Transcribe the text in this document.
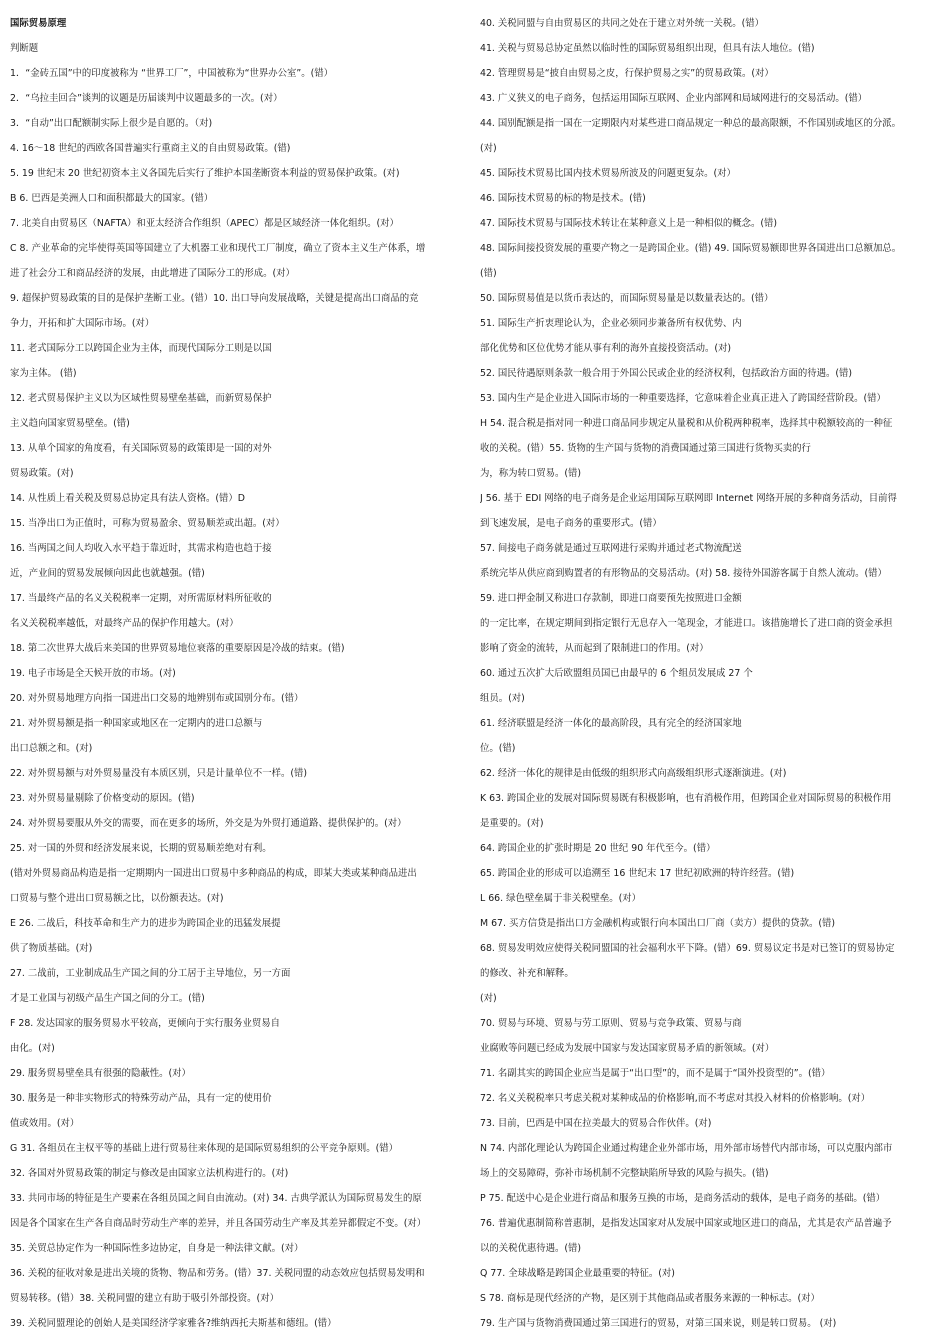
国际贸易原理
判断题
1．“金砖五国”中的印度被称为 “世界工厂”，中国被称为“世界办公室”。(错）
2．“乌拉圭回合”谈判的议题是历届谈判中议题最多的一次。(对）
3．“自动”出口配额制实际上很少是自愿的。（对)
4. 16～18 世纪的西欧各国普遍实行重商主义的自由贸易政策。(错)
5. 19 世纪末 20 世纪初资本主义各国先后实行了维护本国垄断资本利益的贸易保护政策。(对)
B 6. 巴西是美洲人口和面积都最大的国家。(错）
7. 北美自由贸易区（NAFTA）和亚太经济合作组织（APEC）都是区域经济一体化组织。(对）
C 8. 产业革命的完毕使得英国等国建立了大机器工业和现代工厂制度，确立了资本主义生产体系，增
进了社会分工和商品经济的发展，由此增进了国际分工的形成。(对）
9. 超保护贸易政策的目的是保护垄断工业。(错）10. 出口导向发展战略，关键是提高出口商品的竞
争力，开拓和扩大国际市场。(对）
11. 老式国际分工以跨国企业为主体，而现代国际分工则是以国
家为主体。 (错)
12. 老式贸易保护主义以为区域性贸易壁垒基础，而新贸易保护
主义趋向国家贸易壁垒。(错)
13. 从单个国家的角度看，有关国际贸易的政策即是一国的对外
贸易政策。(对)
14. 从性质上看关税及贸易总协定具有法人资格。(错）D
15. 当净出口为正值时，可称为贸易盈余、贸易顺差或出超。(对）
16. 当两国之间人均收入水平趋于靠近时，其需求构造也趋于接
近，产业间的贸易发展倾向因此也就越强。(错)
17. 当最终产品的名义关税税率一定期，对所需原材料所征收的
名义关税税率越低，对最终产品的保护作用越大。(对）
18. 第二次世界大战后来美国的世界贸易地位衰落的重要原因是冷战的结束。(错)
19. 电子市场是全天候开放的市场。(对)
20. 对外贸易地理方向指一国进出口交易的地辨别布或国别分布。(错）
21. 对外贸易额是指一种国家或地区在一定期内的进口总额与
出口总额之和。(对)
22. 对外贸易额与对外贸易量没有本质区别，只是计量单位不一样。(错)
23. 对外贸易量剔除了价格变动的原因。(错)
24. 对外贸易要服从外交的需要，而在更多的场所，外交是为外贸打通道路、提供保护的。(对）
25. 对一国的外贸和经济发展来说，长期的贸易顺差绝对有利。
(错对外贸易商品构造是指一定期期内一国进出口贸易中多种商品的构成，即某大类或某种商品进出
口贸易与整个进出口贸易额之比，以份额表达。(对)
E 26. 二战后，科技革命和生产力的进步为跨国企业的迅猛发展提
供了物质基础。(对)
27. 二战前，工业制成品生产国之间的分工居于主导地位，另一方面
才是工业国与初级产品生产国之间的分工。(错)
F 28. 发达国家的服务贸易水平较高，更倾向于实行服务业贸易自
由化。(对)
29. 服务贸易壁垒具有很强的隐蔽性。(对）
30. 服务是一种非实物形式的特殊劳动产品，具有一定的使用价
值或效用。(对）
G 31. 各组员在主权平等的基础上进行贸易往来体现的是国际贸易组织的公平竞争原则。(错）
32. 各国对外贸易政策的制定与修改是由国家立法机构进行的。(对)
33. 共同市场的特征是生产要素在各组员国之间自由流动。(对) 34. 古典学派认为国际贸易发生的原
因是各个国家在生产各自商品时劳动生产率的差异，并且各国劳动生产率及其差异都假定不变。(对）
35. 关贸总协定作为一种国际性多边协定，自身是一种法律文献。(对）
36. 关税的征收对象是进出关境的货物、物品和劳务。(错）37. 关税同盟的动态效应包括贸易发明和
贸易转移。(错）38. 关税同盟的建立有助于吸引外部投资。(对）
39. 关税同盟理论的创始人是美国经济学家雅各?维纳西托夫斯基和德纽。(错）
40. 关税同盟与自由贸易区的共同之处在于建立对外统一关税。(错）
41. 关税与贸易总协定虽然以临时性的国际贸易组织出现，但具有法人地位。(错)
42. 管理贸易是“披自由贸易之皮，行保护贸易之实”的贸易政策。(对）
43. 广义狭义的电子商务，包括运用国际互联网、企业内部网和局域网进行的交易活动。(错）
44. 国别配额是指一国在一定期限内对某些进口商品规定一种总的最高限额，不作国别或地区的分派。
(对)
45. 国际技术贸易比国内技术贸易所波及的问题更复杂。(对）
46. 国际技术贸易的标的物是技术。(错)
47. 国际技术贸易与国际技术转让在某种意义上是一种相似的概念。(错)
48. 国际间接投资发展的重要产物之一是跨国企业。(错) 49. 国际贸易额即世界各国进出口总额加总。
(错)
50. 国际贸易值是以货币表达的，而国际贸易量是以数量表达的。(错）
51. 国际生产折衷理论认为，企业必须同步兼备所有权优势、内
部化优势和区位优势才能从事有利的海外直接投资活动。(对)
52. 国民待遇原则条款一般合用于外国公民或企业的经济权利，包括政治方面的待遇。(错)
53. 国内生产是企业进入国际市场的一种重要选择，它意味着企业真正进入了跨国经营阶段。(错）
H 54. 混合税是指对同一种进口商品同步规定从量税和从价税两种税率，选择其中税额较高的一种征
收的关税。(错）55. 货物的生产国与货物的消费国通过第三国进行货物买卖的行
为，称为转口贸易。(错)
J 56. 基于 EDI 网络的电子商务是企业运用国际互联网即 Internet 网络开展的多种商务活动，目前得
到飞速发展，是电子商务的重要形式。(错）
57. 间接电子商务就是通过互联网进行采购并通过老式物流配送
系统完毕从供应商到购置者的有形物品的交易活动。(对) 58. 接待外国游客属于自然人流动。(错）
59. 进口押金制又称进口存款制，即进口商要预先按照进口金额
的一定比率，在规定期间到指定银行无息存入一笔现金，才能进口。该措施增长了进口商的资金承担
影响了资金的流转，从而起到了限制进口的作用。(对）
60. 通过五次扩大后欧盟组员国已由最早的 6 个组员发展成 27 个
组员。(对)
61. 经济联盟是经济一体化的最高阶段，具有完全的经济国家地
位。(错)
62. 经济一体化的规律是由低级的组织形式向高级组织形式逐渐演进。(对)
K 63. 跨国企业的发展对国际贸易既有积极影响，也有消极作用，但跨国企业对国际贸易的积极作用
是重要的。(对)
64. 跨国企业的扩张时期是 20 世纪 90 年代至今。(错）
65. 跨国企业的形成可以追溯至 16 世纪末 17 世纪初欧洲的特许经营。(错)
L 66. 绿色壁垒属于非关税壁垒。(对）
M 67. 买方信贷是指出口方金融机构或银行向本国出口厂商（卖方）提供的贷款。(错)
68. 贸易发明效应使得关税同盟国的社会福利水平下降。(错）69. 贸易议定书是对已签订的贸易协定
的修改、补充和解释。
(对)
70. 贸易与环境、贸易与劳工原则、贸易与竞争政策、贸易与商
业腐败等问题已经成为发展中国家与发达国家贸易矛盾的新领域。(对）
71. 名副其实的跨国企业应当是属于“出口型”的，而不是属于“国外投资型的”。(错）
72. 名义关税税率只考虑关税对某种成品的价格影响,而不考虑对其投入材料的价格影响。(对）
73. 目前，巴西是中国在拉美最大的贸易合作伙伴。(对)
N 74. 内部化理论认为跨国企业通过构建企业外部市场，用外部市场替代内部市场，可以克服内部市
场上的交易障碍，弥补市场机制不完整缺陷所导致的风险与损失。(错)
P 75. 配送中心是企业进行商品和服务互换的市场，是商务活动的载体，是电子商务的基础。(错）
76. 普遍优惠制简称普惠制，是指发达国家对从发展中国家或地区进口的商品，尤其是农产品普遍予
以的关税优惠待遇。(错)
Q 77. 全球战略是跨国企业最重要的特征。(对)
S 78. 商标是现代经济的产物，是区别于其他商品或者服务来源的一种标志。(对）
79. 生产国与货物消费国通过第三国进行的贸易，对第三国来说，则是转口贸易。 (对)
